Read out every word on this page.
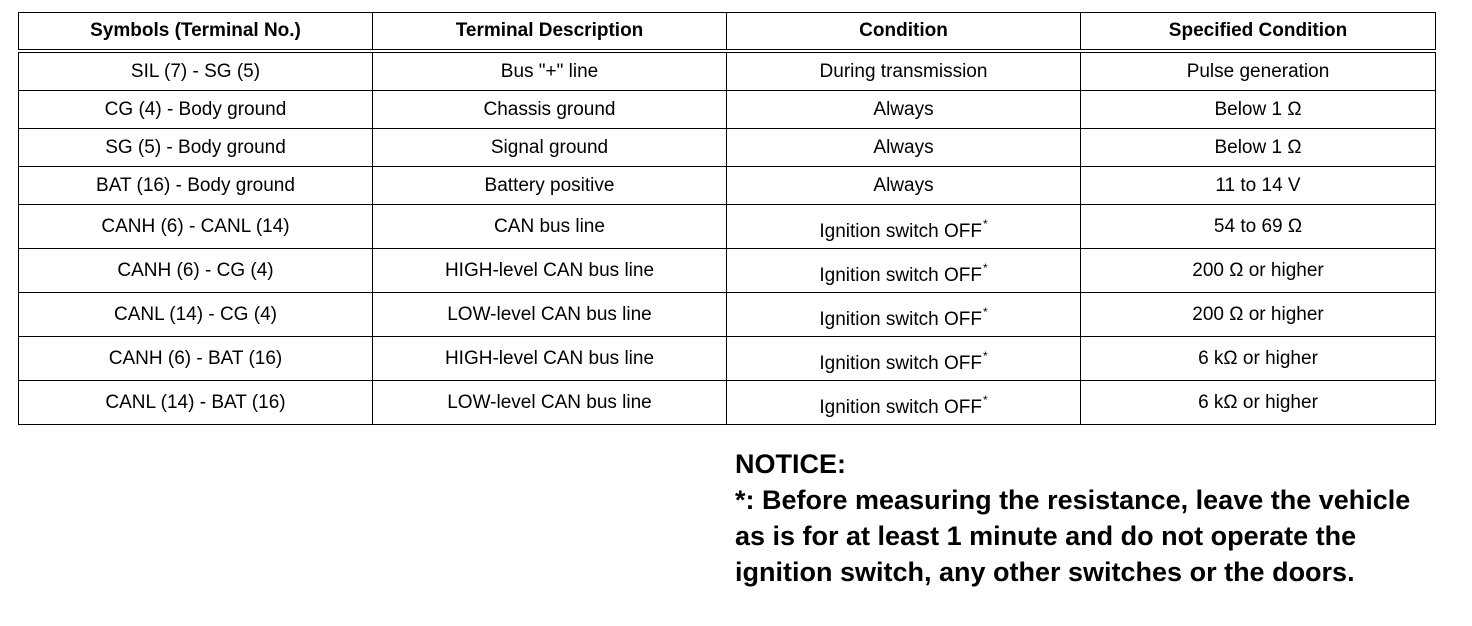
Symbols (Terminal No.)	Terminal Description	Condition	Specified Condition
SIL (7) - SG (5)	Bus "+" line	During transmission	Pulse generation
CG (4) - Body ground	Chassis ground	Always	Below 1 Ω
SG (5) - Body ground	Signal ground	Always	Below 1 Ω
BAT (16) - Body ground	Battery positive	Always	11 to 14 V
CANH (6) - CANL (14)	CAN bus line	Ignition switch OFF*	54 to 69 Ω
CANH (6) - CG (4)	HIGH-level CAN bus line	Ignition switch OFF*	200 Ω or higher
CANL (14) - CG (4)	LOW-level CAN bus line	Ignition switch OFF*	200 Ω or higher
CANH (6) - BAT (16)	HIGH-level CAN bus line	Ignition switch OFF*	6 kΩ or higher
CANL (14) - BAT (16)	LOW-level CAN bus line	Ignition switch OFF*	6 kΩ or higher

NOTICE:

*: Before measuring the resistance, leave the vehicle as is for at least 1 minute and do not operate the ignition switch, any other switches or the doors.
